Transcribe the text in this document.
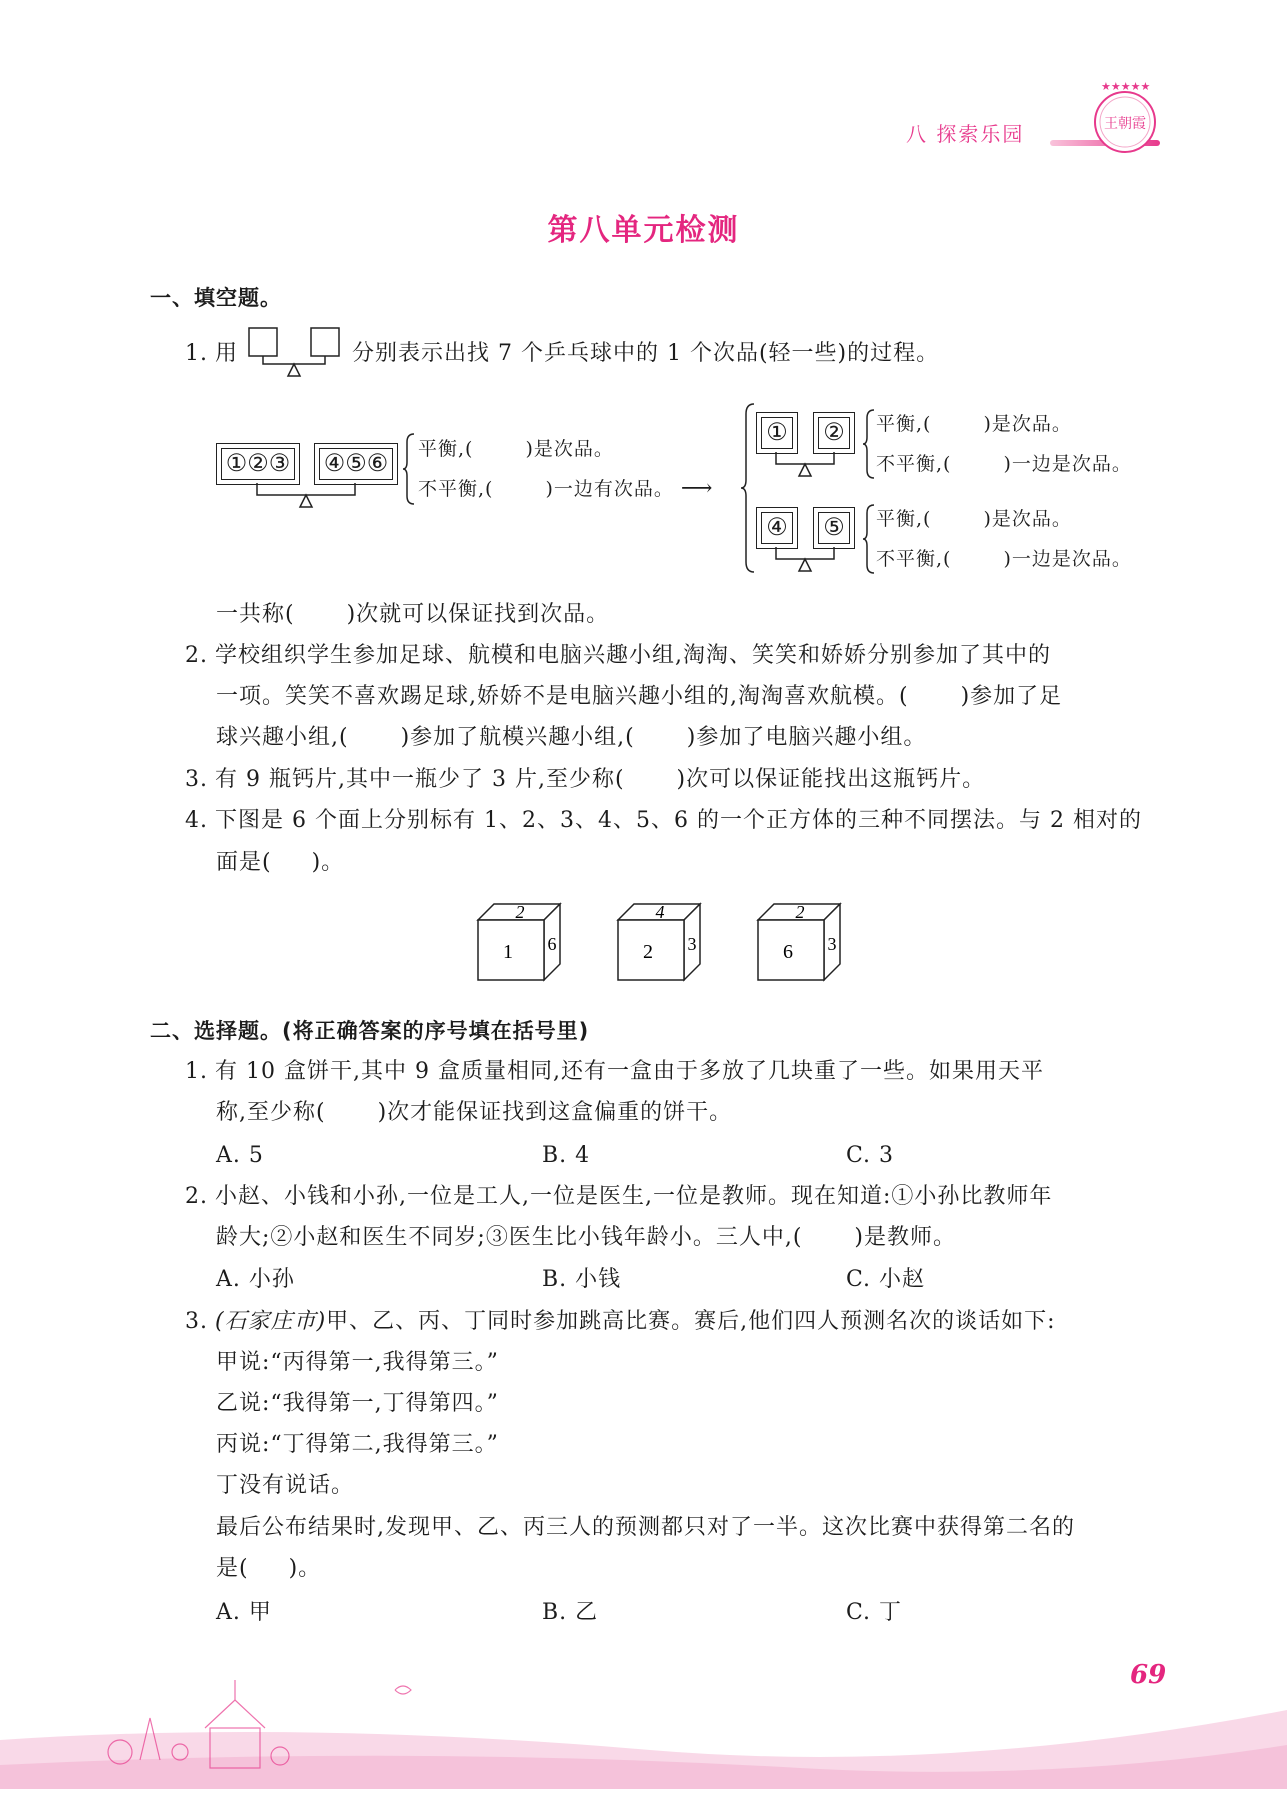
八 探索乐园
★★★★★
王朝霞
第八单元检测
一、填空题。
1. 用	分别表示出找 7 个乒乓球中的 1 个次品(轻一些)的过程。
①②③ ④⑤⑥ 平衡,(	)是次品。
不平衡,(	)一边有次品。 ⟶
① ② 平衡,(	)是次品。
不平衡,(	)一边是次品。
④ ⑤ 平衡,(	)是次品。
不平衡,(	)一边是次品。
一共称( )次就可以保证找到次品。
2. 学校组织学生参加足球、航模和电脑兴趣小组,淘淘、笑笑和娇娇分别参加了其中的
一项。笑笑不喜欢踢足球,娇娇不是电脑兴趣小组的,淘淘喜欢航模。( )参加了足
球兴趣小组,( )参加了航模兴趣小组,( )参加了电脑兴趣小组。
3. 有 9 瓶钙片,其中一瓶少了 3 片,至少称( )次可以保证能找出这瓶钙片。
4. 下图是 6 个面上分别标有 1、2、3、4、5、6 的一个正方体的三种不同摆法。与 2 相对的
面是( )。
2
1 6
4
2 3
2
6 3
二、选择题。(将正确答案的序号填在括号里)
1. 有 10 盒饼干,其中 9 盒质量相同,还有一盒由于多放了几块重了一些。如果用天平
称,至少称( )次才能保证找到这盒偏重的饼干。
A. 5	B. 4	C. 3
2. 小赵、小钱和小孙,一位是工人,一位是医生,一位是教师。现在知道:①小孙比教师年
龄大;②小赵和医生不同岁;③医生比小钱年龄小。三人中,( )是教师。
A. 小孙	B. 小钱	C. 小赵
3. (石家庄市)甲、乙、丙、丁同时参加跳高比赛。赛后,他们四人预测名次的谈话如下:
甲说:“丙得第一,我得第三。”
乙说:“我得第一,丁得第四。”
丙说:“丁得第二,我得第三。”
丁没有说话。
最后公布结果时,发现甲、乙、丙三人的预测都只对了一半。这次比赛中获得第二名的
是( )。
A. 甲	B. 乙	C. 丁
69
